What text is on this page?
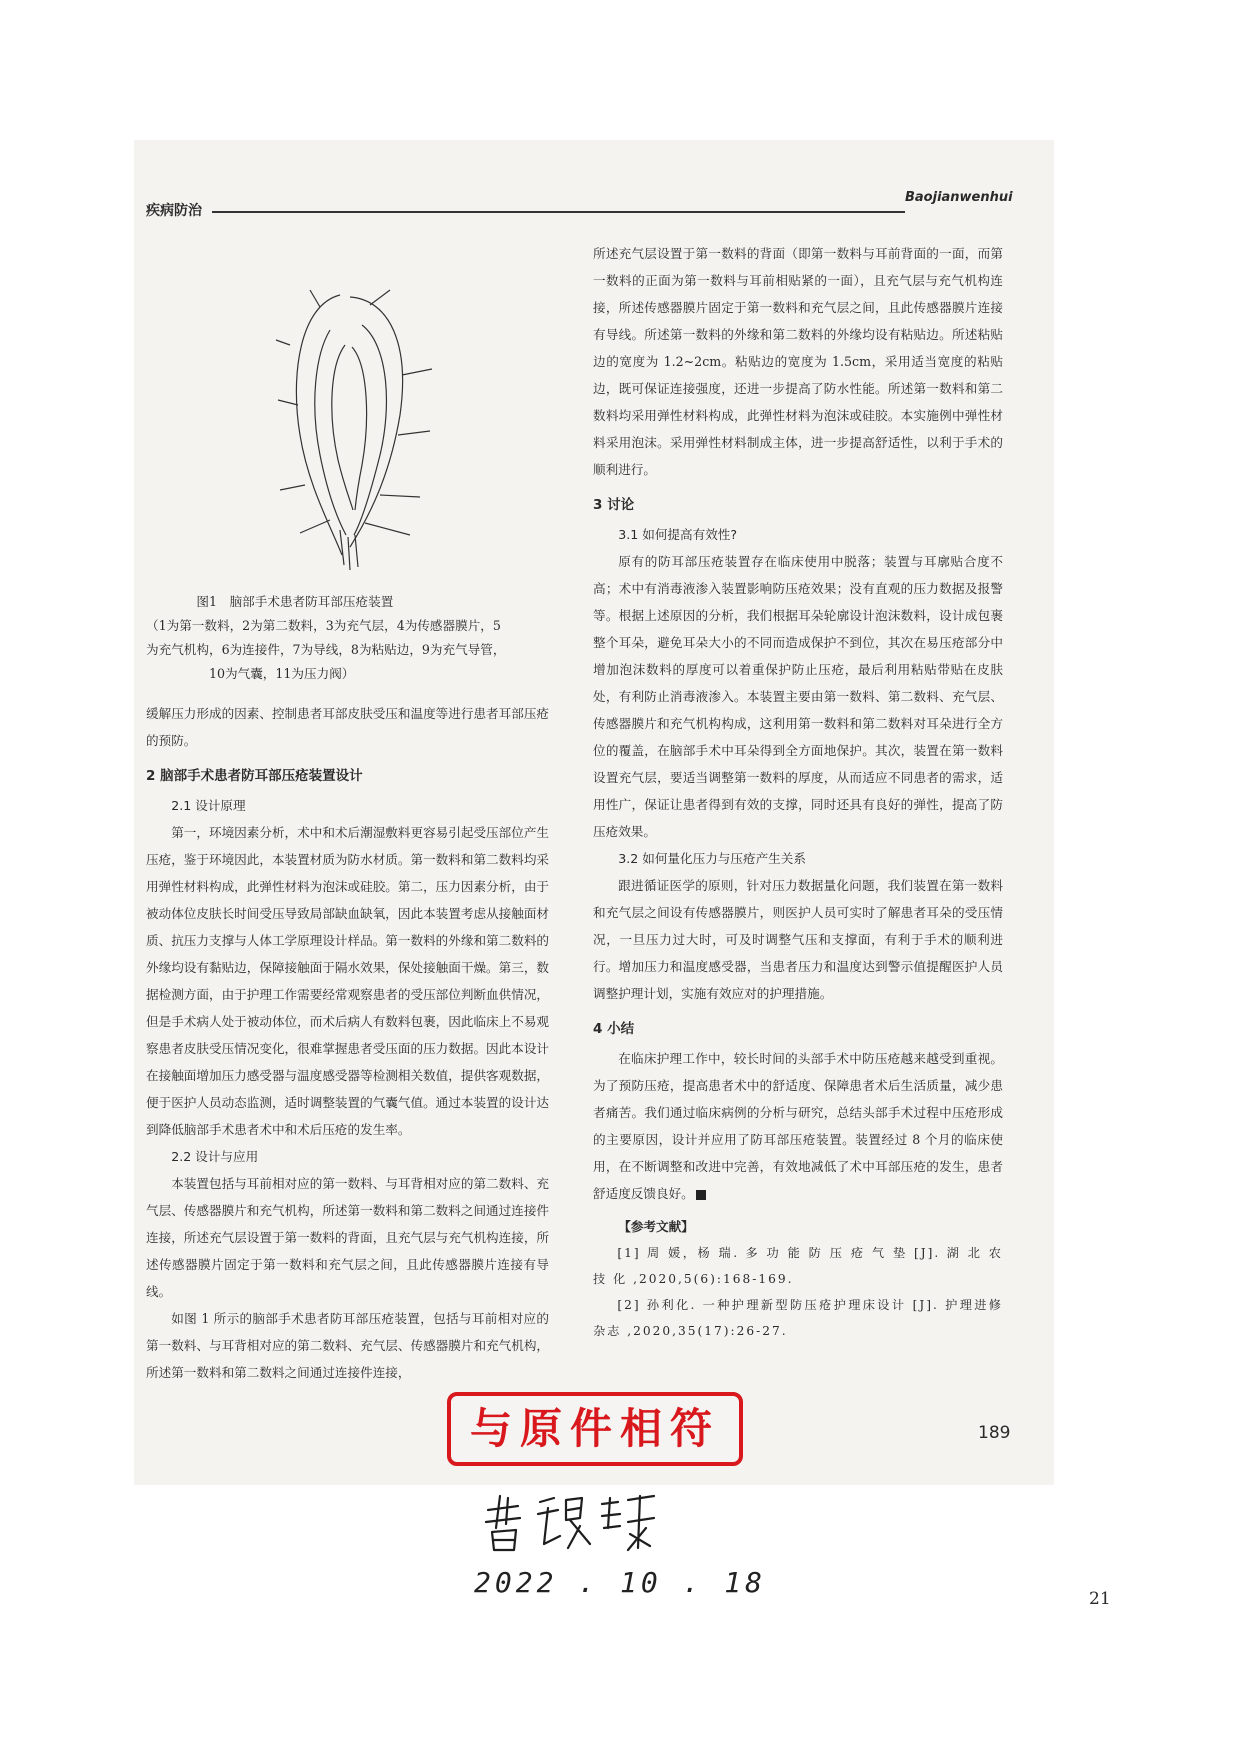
疾病防治
Baojianwenhui
图1　脑部手术患者防耳部压疮装置
（1为第一数料，2为第二数料，3为充气层，4为传感器膜片，5
为充气机构，6为连接件，7为导线，8为粘贴边，9为充气导管，
10为气囊，11为压力阀）

缓解压力形成的因素、控制患者耳部皮肤受压和温度等进行患者耳部压疮的预防。

2 脑部手术患者防耳部压疮装置设计
2.1 设计原理

第一，环境因素分析，术中和术后潮湿敷料更容易引起受压部位产生压疮，鉴于环境因此，本装置材质为防水材质。第一数料和第二数料均采用弹性材料构成，此弹性材料为泡沫或硅胶。第二，压力因素分析，由于被动体位皮肤长时间受压导致局部缺血缺氧，因此本装置考虑从接触面材质、抗压力支撑与人体工学原理设计样品。第一数料的外缘和第二数料的外缘均设有黏贴边，保障接触面于隔水效果，保处接触面干燥。第三，数据检测方面，由于护理工作需要经常观察患者的受压部位判断血供情况，但是手术病人处于被动体位，而术后病人有数料包裹，因此临床上不易观察患者皮肤受压情况变化，很难掌握患者受压面的压力数据。因此本设计在接触面增加压力感受器与温度感受器等检测相关数值，提供客观数据，便于医护人员动态监测，适时调整装置的气囊气值。通过本装置的设计达到降低脑部手术患者术中和术后压疮的发生率。

2.2 设计与应用

本装置包括与耳前相对应的第一数料、与耳背相对应的第二数料、充气层、传感器膜片和充气机构，所述第一数料和第二数料之间通过连接件连接，所述充气层设置于第一数料的背面，且充气层与充气机构连接，所述传感器膜片固定于第一数料和充气层之间，且此传感器膜片连接有导线。

如图 1 所示的脑部手术患者防耳部压疮装置，包括与耳前相对应的第一数料、与耳背相对应的第二数料、充气层、传感器膜片和充气机构，所述第一数料和第二数料之间通过连接件连接，

所述充气层设置于第一数料的背面（即第一数料与耳前背面的一面，而第一数料的正面为第一数料与耳前相贴紧的一面），且充气层与充气机构连接，所述传感器膜片固定于第一数料和充气层之间，且此传感器膜片连接有导线。所述第一数料的外缘和第二数料的外缘均设有粘贴边。所述粘贴边的宽度为 1.2~2cm。粘贴边的宽度为 1.5cm，采用适当宽度的粘贴边，既可保证连接强度，还进一步提高了防水性能。所述第一数料和第二数料均采用弹性材料构成，此弹性材料为泡沫或硅胶。本实施例中弹性材料采用泡沫。采用弹性材料制成主体，进一步提高舒适性，以利于手术的顺利进行。

3 讨论
3.1 如何提高有效性?

原有的防耳部压疮装置存在临床使用中脱落；装置与耳廓贴合度不高；术中有消毒液渗入装置影响防压疮效果；没有直观的压力数据及报警等。根据上述原因的分析，我们根据耳朵轮廓设计泡沫数料，设计成包裹整个耳朵，避免耳朵大小的不同而造成保护不到位，其次在易压疮部分中增加泡沫数料的厚度可以着重保护防止压疮，最后利用粘贴带贴在皮肤处，有利防止消毒液渗入。本装置主要由第一数料、第二数料、充气层、传感器膜片和充气机构构成，这利用第一数料和第二数料对耳朵进行全方位的覆盖，在脑部手术中耳朵得到全方面地保护。其次，装置在第一数料设置充气层，要适当调整第一数料的厚度，从而适应不同患者的需求，适用性广，保证让患者得到有效的支撑，同时还具有良好的弹性，提高了防压疮效果。

3.2 如何量化压力与压疮产生关系

跟进循证医学的原则，针对压力数据量化问题，我们装置在第一数料和充气层之间设有传感器膜片，则医护人员可实时了解患者耳朵的受压情况，一旦压力过大时，可及时调整气压和支撑面，有利于手术的顺利进行。增加压力和温度感受器，当患者压力和温度达到警示值提醒医护人员调整护理计划，实施有效应对的护理措施。

4 小结

在临床护理工作中，较长时间的头部手术中防压疮越来越受到重视。为了预防压疮，提高患者术中的舒适度、保障患者术后生活质量，减少患者痛苦。我们通过临床病例的分析与研究，总结头部手术过程中压疮形成的主要原因，设计并应用了防耳部压疮装置。装置经过 8 个月的临床使用，在不断调整和改进中完善，有效地减低了术中耳部压疮的发生，患者舒适度反馈良好。

【参考文献】

[1] 周 媛，杨 瑞. 多 功 能 防 压 疮 气 垫 [J]. 湖 北 农 技 化 ,2020,5(6):168-169.

[2] 孙利化. 一种护理新型防压疮护理床设计 [J]. 护理进修杂志 ,2020,35(17):26-27.

189
与原件相符
2022 . 10 . 18	21
